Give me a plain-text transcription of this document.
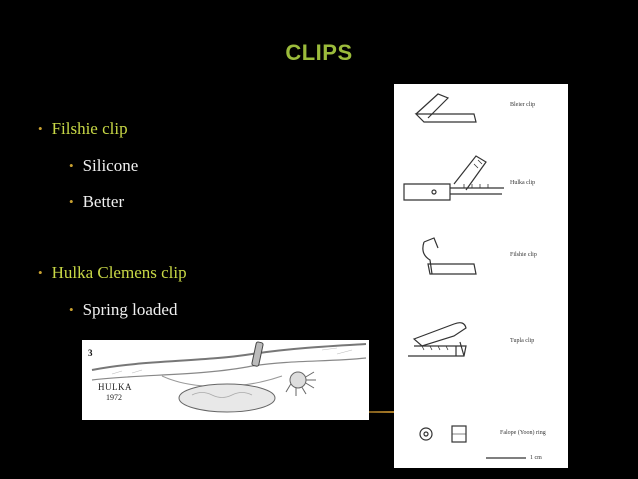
CLIPS
• Filshie clip
• Silicone
• Better
• Hulka Clemens clip
• Spring loaded
3
HULKA
1972
Bleier clip
Hulka clip
Filshie clip
Tupla clip
Falope (Yoon) ring
1 cm
